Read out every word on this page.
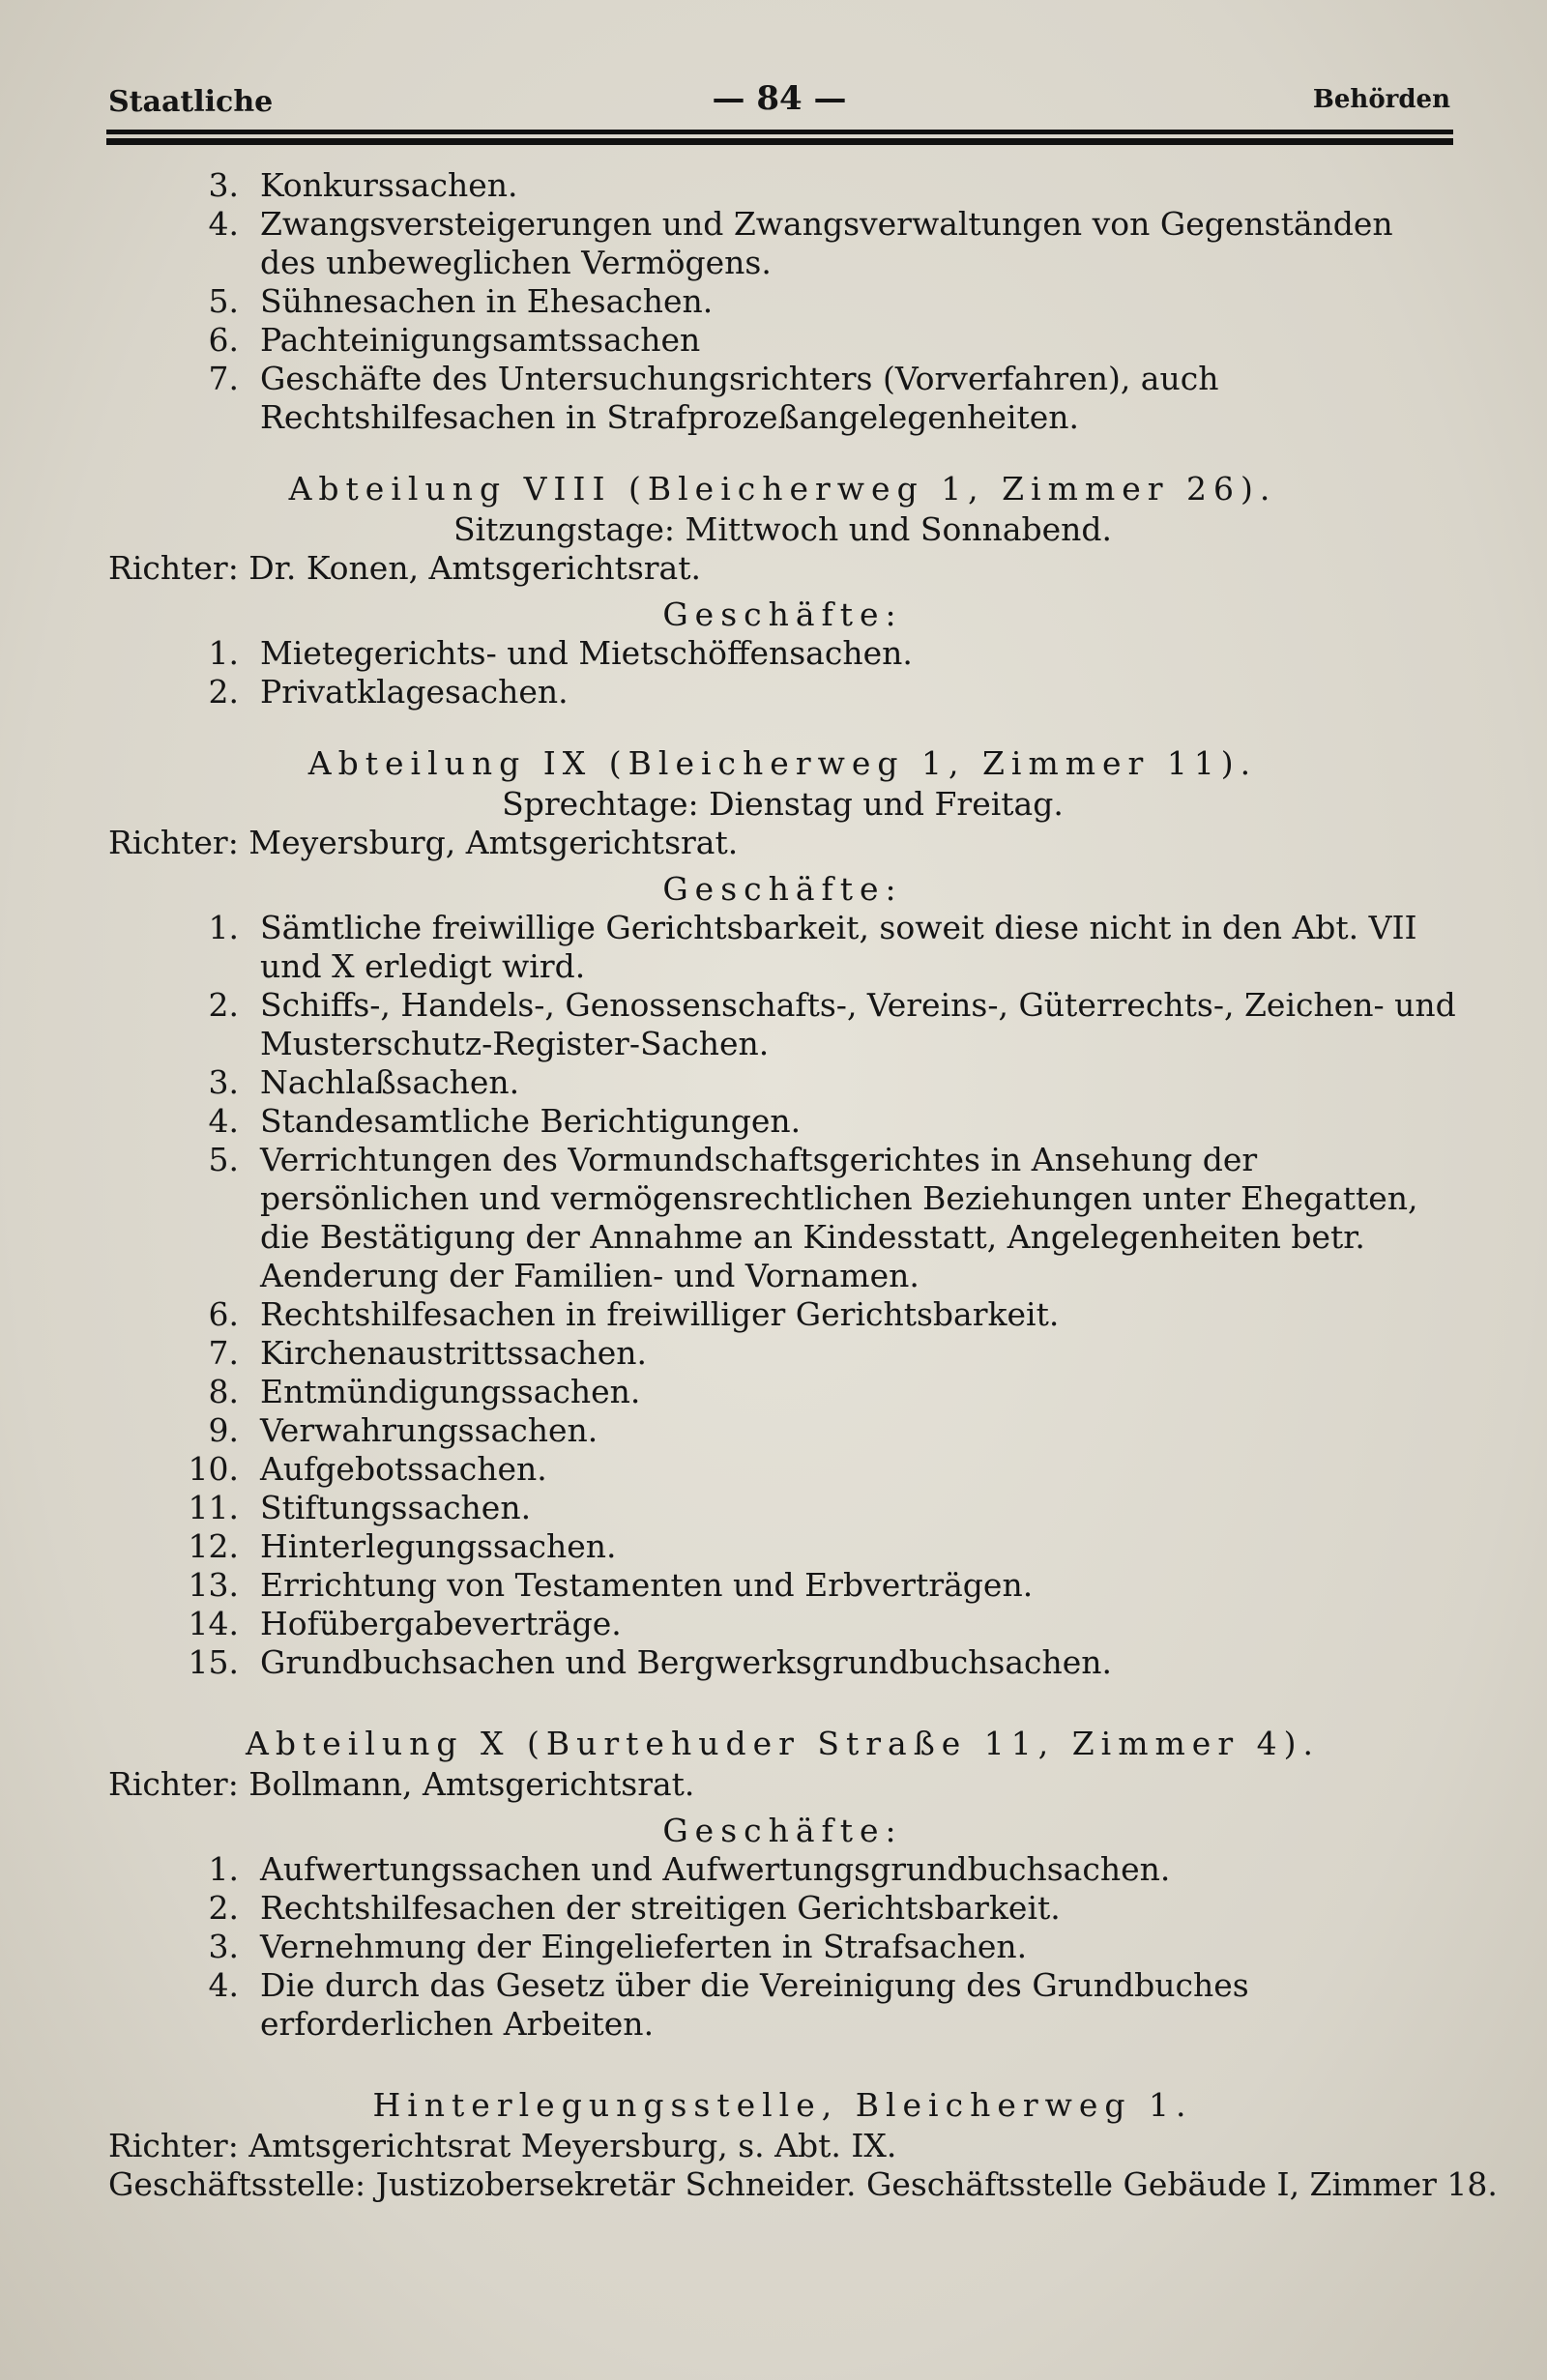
Staatliche	— 84 —	Behörden
3. Konkurssachen.
4. Zwangsversteigerungen und Zwangsverwaltungen von Gegenständen des unbeweglichen Vermögens.
5. Sühnesachen in Ehesachen.
6. Pachteinigungsamtssachen
7. Geschäfte des Untersuchungsrichters (Vorverfahren), auch Rechtshilfesachen in Strafprozeßangelegenheiten.
Abteilung VIII (Bleicherweg 1, Zimmer 26).
Sitzungstage: Mittwoch und Sonnabend.
Richter: Dr. Konen, Amtsgerichtsrat.
Geschäfte:
1. Mietegerichts- und Mietschöffensachen.
2. Privatklagesachen.
Abteilung IX (Bleicherweg 1, Zimmer 11).
Sprechtage: Dienstag und Freitag.
Richter: Meyersburg, Amtsgerichtsrat.
Geschäfte:
1. Sämtliche freiwillige Gerichtsbarkeit, soweit diese nicht in den Abt. VII und X erledigt wird.
2. Schiffs-, Handels-, Genossenschafts-, Vereins-, Güterrechts-, Zeichen- und Musterschutz-Register-Sachen.
3. Nachlaßsachen.
4. Standesamtliche Berichtigungen.
5. Verrichtungen des Vormundschaftsgerichtes in Ansehung der persönlichen und vermögensrechtlichen Beziehungen unter Ehegatten, die Bestätigung der Annahme an Kindesstatt, Angelegenheiten betr. Aenderung der Familien- und Vornamen.
6. Rechtshilfesachen in freiwilliger Gerichtsbarkeit.
7. Kirchenaustrittssachen.
8. Entmündigungssachen.
9. Verwahrungssachen.
10. Aufgebotssachen.
11. Stiftungssachen.
12. Hinterlegungssachen.
13. Errichtung von Testamenten und Erbverträgen.
14. Hofübergabeverträge.
15. Grundbuchsachen und Bergwerksgrundbuchsachen.
Abteilung X (Burtehuder Straße 11, Zimmer 4).
Richter: Bollmann, Amtsgerichtsrat.
Geschäfte:
1. Aufwertungssachen und Aufwertungsgrundbuchsachen.
2. Rechtshilfesachen der streitigen Gerichtsbarkeit.
3. Vernehmung der Eingelieferten in Strafsachen.
4. Die durch das Gesetz über die Vereinigung des Grundbuches erforderlichen Arbeiten.
Hinterlegungsstelle, Bleicherweg 1.
Richter: Amtsgerichtsrat Meyersburg, s. Abt. IX.
Geschäftsstelle: Justizobersekretär Schneider. Geschäftsstelle Gebäude I, Zimmer 18.
